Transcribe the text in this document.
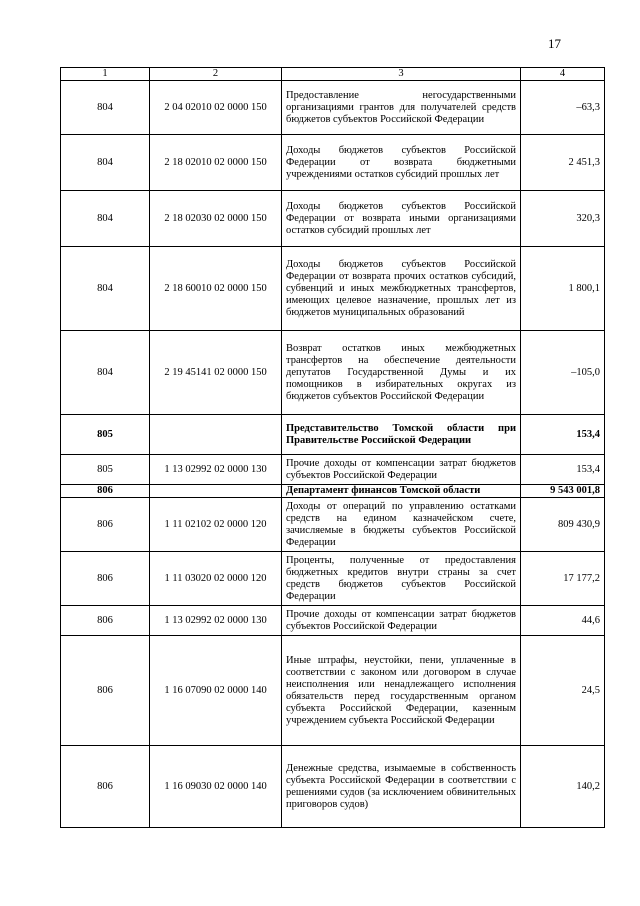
17
1	2	3	4
804	2 04 02010 02 0000 150	Предоставление негосударственными организациями грантов для получателей средств бюджетов субъектов Российской Федерации	–63,3
804	2 18 02010 02 0000 150	Доходы бюджетов субъектов Российской Федерации от возврата бюджетными учреждениями остатков субсидий прошлых лет	2 451,3
804	2 18 02030 02 0000 150	Доходы бюджетов субъектов Российской Федерации от возврата иными организациями остатков субсидий прошлых лет	320,3
804	2 18 60010 02 0000 150	Доходы бюджетов субъектов Российской Федерации от возврата прочих остатков субсидий, субвенций и иных межбюджетных трансфертов, имеющих целевое назначение, прошлых лет из бюджетов муниципальных образований	1 800,1
804	2 19 45141 02 0000 150	Возврат остатков иных межбюджетных трансфертов на обеспечение деятельности депутатов Государственной Думы и их помощников в избирательных округах из бюджетов субъектов Российской Федерации	–105,0
805		Представительство Томской области при Правительстве Российской Федерации	153,4
805	1 13 02992 02 0000 130	Прочие доходы от компенсации затрат бюджетов субъектов Российской Федерации	153,4
806		Департамент финансов Томской области	9 543 001,8
806	1 11 02102 02 0000 120	Доходы от операций по управлению остатками средств на едином казначейском счете, зачисляемые в бюджеты субъектов Российской Федерации	809 430,9
806	1 11 03020 02 0000 120	Проценты, полученные от предоставления бюджетных кредитов внутри страны за счет средств бюджетов субъектов Российской Федерации	17 177,2
806	1 13 02992 02 0000 130	Прочие доходы от компенсации затрат бюджетов субъектов Российской Федерации	44,6
806	1 16 07090 02 0000 140	Иные штрафы, неустойки, пени, уплаченные в соответствии с законом или договором в случае неисполнения или ненадлежащего исполнения обязательств перед государственным органом субъекта Российской Федерации, казенным учреждением субъекта Российской Федерации	24,5
806	1 16 09030 02 0000 140	Денежные средства, изымаемые в собственность субъекта Российской Федерации в соответствии с решениями судов (за исключением обвинительных приговоров судов)	140,2
